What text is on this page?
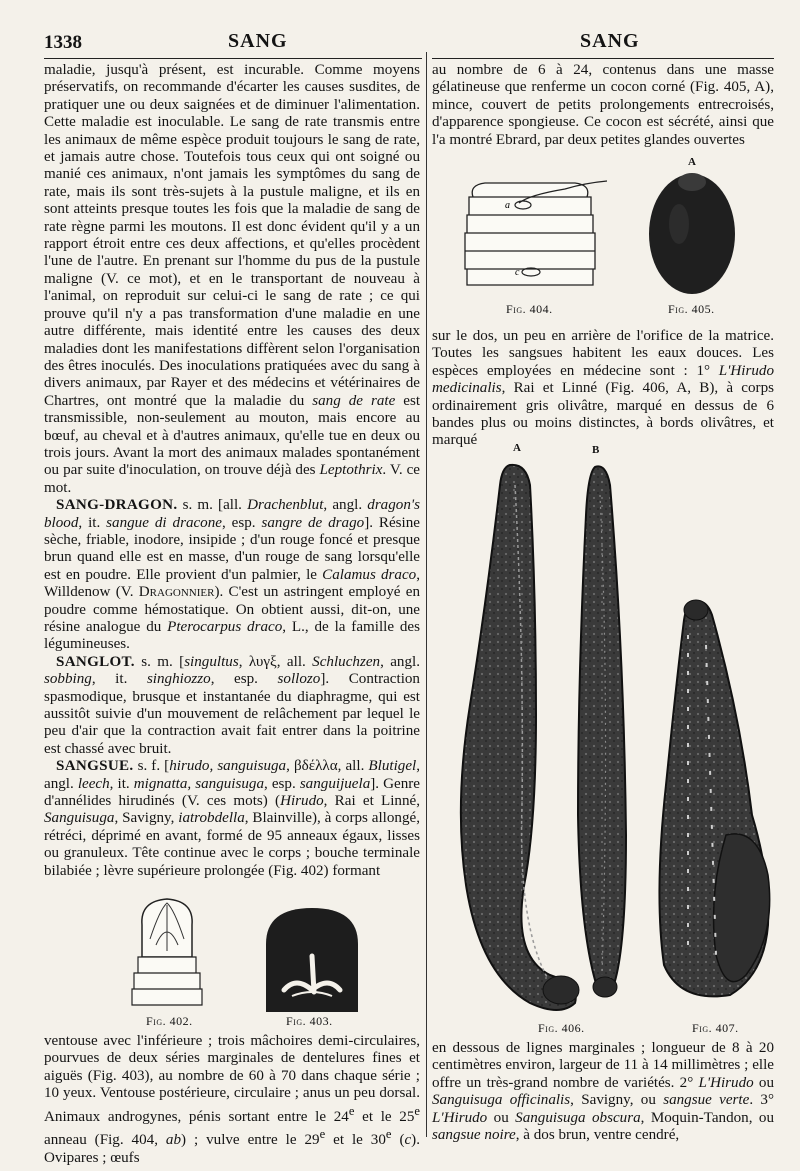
1338	SANG	SANG

maladie, jusqu'à présent, est incurable. Comme moyens préservatifs, on recommande d'écarter les causes susdites, de pratiquer une ou deux saignées et de diminuer l'alimentation. Cette maladie est inoculable. Le sang de rate transmis entre les animaux de même espèce produit toujours le sang de rate, et jamais autre chose. Toutefois tous ceux qui ont soigné ou manié ces animaux, n'ont jamais les symptômes du sang de rate, mais ils sont très-sujets à la pustule maligne, et ils en sont atteints presque toutes les fois que la maladie de sang de rate règne parmi les moutons. Il est donc évident qu'il y a un rapport étroit entre ces deux affections, et qu'elles procèdent l'une de l'autre. En prenant sur l'homme du pus de la pustule maligne (V. ce mot), et en le transportant de nouveau à l'animal, on reproduit sur celui-ci le sang de rate ; ce qui prouve qu'il n'y a pas transformation d'une maladie en une autre différente, mais identité entre les causes des deux maladies dont les manifestations diffèrent selon l'organisation des êtres inoculés. Des inoculations pratiquées avec du sang à divers animaux, par Rayer et des médecins et vétérinaires de Chartres, ont montré que la maladie du sang de rate est transmissible, non-seulement au mouton, mais encore au bœuf, au cheval et à d'autres animaux, qu'elle tue en deux ou trois jours. Avant la mort des animaux malades spontanément ou par suite d'inoculation, on trouve déjà des Leptothrix. V. ce mot.

SANG-DRAGON. s. m. [all. Drachenblut, angl. dragon's blood, it. sangue di dracone, esp. sangre de drago]. Résine sèche, friable, inodore, insipide ; d'un rouge foncé et presque brun quand elle est en masse, d'un rouge de sang lorsqu'elle est en poudre. Elle provient d'un palmier, le Calamus draco, Willdenow (V. Dragonnier). C'est un astringent employé en poudre comme hémostatique. On obtient aussi, dit-on, une résine analogue du Pterocarpus draco, L., de la famille des légumineuses.

SANGLOT. s. m. [singultus, λυγξ, all. Schluchzen, angl. sobbing, it. singhiozzo, esp. sollozo]. Contraction spasmodique, brusque et instantanée du diaphragme, qui est aussitôt suivie d'un mouvement de relâchement par lequel le peu d'air que la contraction avait fait entrer dans la poitrine est chassé avec bruit.

SANGSUE. s. f. [hirudo, sanguisuga, βδέλλα, all. Blutigel, angl. leech, it. mignatta, sanguisuga, esp. sanguijuela]. Genre d'annélides hirudinés (V. ces mots) (Hirudo, Rai et Linné, Sanguisuga, Savigny, iatrobdella, Blainville), à corps allongé, rétréci, déprimé en avant, formé de 95 anneaux égaux, lisses ou granuleux. Tête continue avec le corps ; bouche terminale bilabiée ; lèvre supérieure prolongée (Fig. 402) formant

Fig. 402.	Fig. 403.

ventouse avec l'inférieure ; trois mâchoires demi-circulaires, pourvues de deux séries marginales de dentelures fines et aiguës (Fig. 403), au nombre de 60 à 70 dans chaque série ; 10 yeux. Ventouse postérieure, circulaire ; anus un peu dorsal. Animaux androgynes, pénis sortant entre le 24e et le 25e anneau (Fig. 404, ab) ; vulve entre le 29e et le 30e (c). Ovipares ; œufs

au nombre de 6 à 24, contenus dans une masse gélatineuse que renferme un cocon corné (Fig. 405, A), mince, couvert de petits prolongements entrecroisés, d'apparence spongieuse. Ce cocon est sécrété, ainsi que l'a montré Ebrard, par deux petites glandes ouvertes

a
c
Fig. 404.
A
Fig. 405.

sur le dos, un peu en arrière de l'orifice de la matrice. Toutes les sangsues habitent les eaux douces. Les espèces employées en médecine sont : 1° L'Hirudo medicinalis, Rai et Linné (Fig. 406, A, B), à corps ordinairement gris olivâtre, marqué en dessus de 6 bandes plus ou moins distinctes, à bords olivâtres, et marqué	A	B
Fig. 406.	Fig. 407.

en dessous de lignes marginales ; longueur de 8 à 20 centimètres environ, largeur de 11 à 14 millimètres ; elle offre un très-grand nombre de variétés. 2° L'Hirudo ou Sanguisuga officinalis, Savigny, ou sangsue verte. 3° L'Hirudo ou Sanguisuga obscura, Moquin-Tandon, ou sangsue noire, à dos brun, ventre cendré,
